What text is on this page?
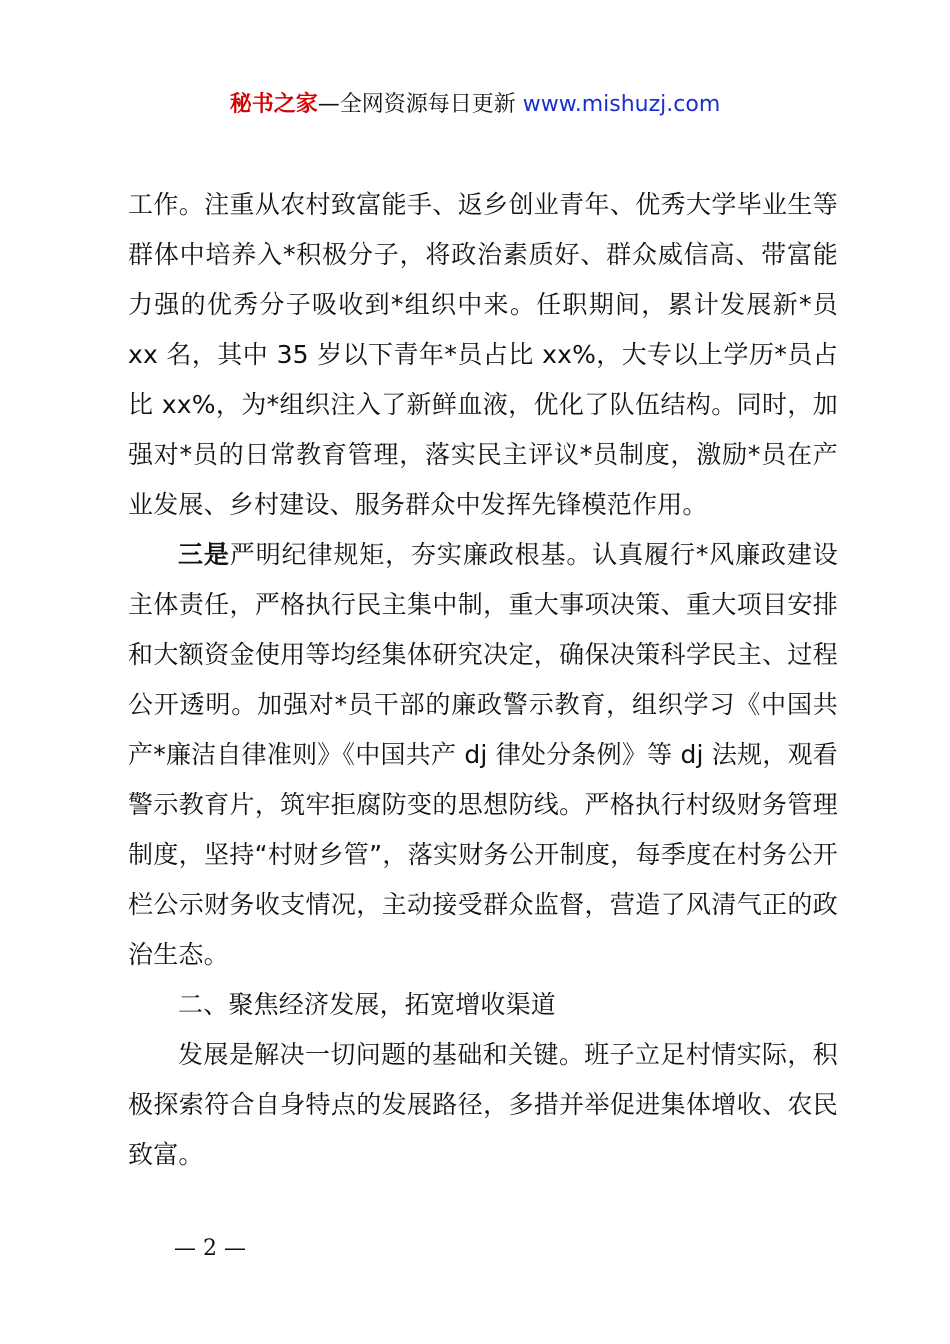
秘书之家—全网资源每日更新 www.mishuzj.com

工作。注重从农村致富能手、返乡创业青年、优秀大学毕业生等群体中培养入*积极分子，将政治素质好、群众威信高、带富能力强的优秀分子吸收到*组织中来。任职期间，累计发展新*员 xx 名，其中 35 岁以下青年*员占比 xx%，大专以上学历*员占比 xx%，为*组织注入了新鲜血液，优化了队伍结构。同时，加强对*员的日常教育管理，落实民主评议*员制度，激励*员在产业发展、乡村建设、服务群众中发挥先锋模范作用。

三是严明纪律规矩，夯实廉政根基。认真履行*风廉政建设主体责任，严格执行民主集中制，重大事项决策、重大项目安排和大额资金使用等均经集体研究决定，确保决策科学民主、过程公开透明。加强对*员干部的廉政警示教育，组织学习《中国共产*廉洁自律准则》《中国共产 dj 律处分条例》等 dj 法规，观看警示教育片，筑牢拒腐防变的思想防线。严格执行村级财务管理制度，坚持“村财乡管”，落实财务公开制度，每季度在村务公开栏公示财务收支情况，主动接受群众监督，营造了风清气正的政治生态。

二、聚焦经济发展，拓宽增收渠道

发展是解决一切问题的基础和关键。班子立足村情实际，积极探索符合自身特点的发展路径，多措并举促进集体增收、农民致富。

— 2 —
